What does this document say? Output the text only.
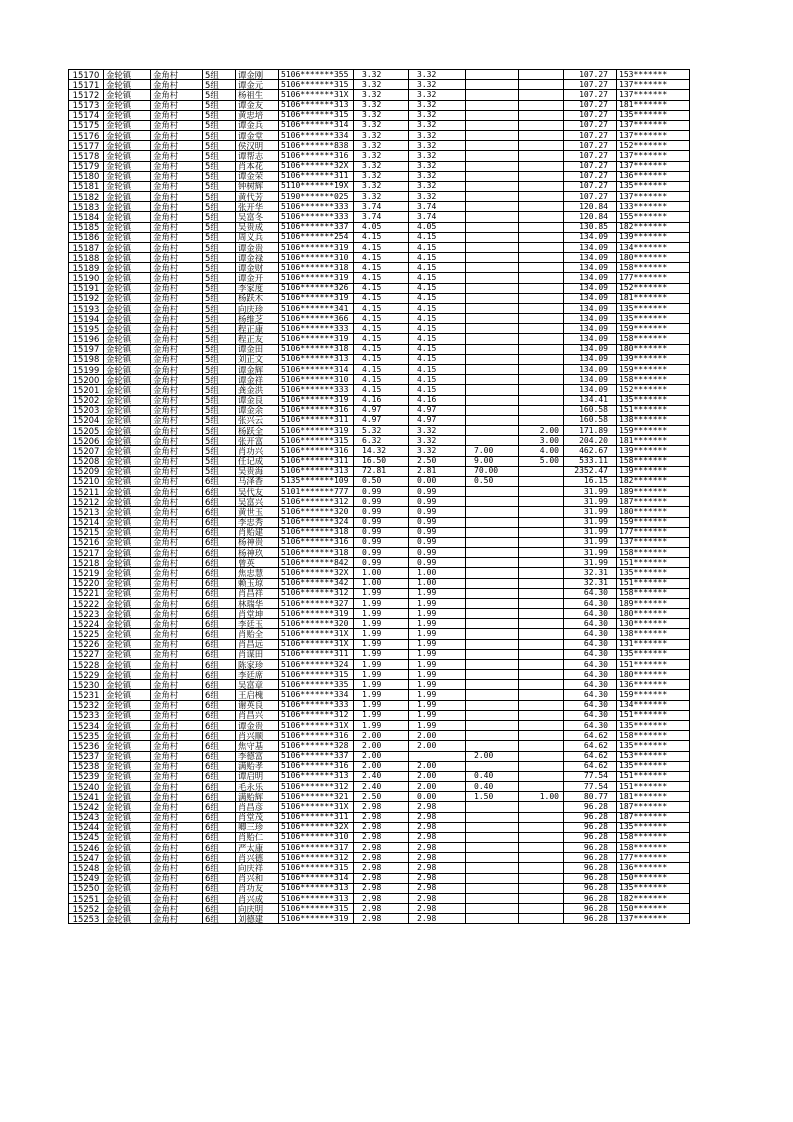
15170	金轮镇	金角村	5组	谭金刚	5106*******355	3.32	3.32			107.27	153*******
15171	金轮镇	金角村	5组	谭金元	5106*******315	3.32	3.32			107.27	137*******
15172	金轮镇	金角村	5组	杨祖生	5106*******31X	3.32	3.32			107.27	137*******
15173	金轮镇	金角村	5组	谭金友	5106*******313	3.32	3.32			107.27	181*******
15174	金轮镇	金角村	5组	黄忠培	5106*******315	3.32	3.32			107.27	135*******
15175	金轮镇	金角村	5组	谭金兵	5106*******314	3.32	3.32			107.27	137*******
15176	金轮镇	金角村	5组	谭金堂	5106*******334	3.32	3.32			107.27	137*******
15177	金轮镇	金角村	5组	侯汉明	5106*******838	3.32	3.32			107.27	152*******
15178	金轮镇	金角村	5组	谭帮志	5106*******316	3.32	3.32			107.27	137*******
15179	金轮镇	金角村	5组	肖本花	5106*******32X	3.32	3.32			107.27	137*******
15180	金轮镇	金角村	5组	谭金荣	5106*******311	3.32	3.32			107.27	136*******
15181	金轮镇	金角村	5组	钟树辉	5110*******19X	3.32	3.32			107.27	135*******
15182	金轮镇	金角村	5组	黄代芳	5190*******025	3.32	3.32			107.27	137*******
15183	金轮镇	金角村	5组	张开华	5106*******333	3.74	3.74			120.84	133*******
15184	金轮镇	金角村	5组	吴富冬	5106*******333	3.74	3.74			120.84	155*******
15185	金轮镇	金角村	5组	吴贵成	5106*******337	4.05	4.05			130.85	182*******
15186	金轮镇	金角村	5组	周义兵	5106*******254	4.15	4.15			134.09	139*******
15187	金轮镇	金角村	5组	谭金贵	5106*******319	4.15	4.15			134.09	134*******
15188	金轮镇	金角村	5组	谭金禄	5106*******310	4.15	4.15			134.09	180*******
15189	金轮镇	金角村	5组	谭金财	5106*******318	4.15	4.15			134.09	158*******
15190	金轮镇	金角村	5组	谭金开	5106*******319	4.15	4.15			134.09	177*******
15191	金轮镇	金角村	5组	李家度	5106*******326	4.15	4.15			134.09	152*******
15192	金轮镇	金角村	5组	杨跃木	5106*******319	4.15	4.15			134.09	181*******
15193	金轮镇	金角村	5组	向庆珍	5106*******341	4.15	4.15			134.09	135*******
15194	金轮镇	金角村	5组	杨维芝	5106*******366	4.15	4.15			134.09	135*******
15195	金轮镇	金角村	5组	程正康	5106*******333	4.15	4.15			134.09	159*******
15196	金轮镇	金角村	5组	程正友	5106*******319	4.15	4.15			134.09	158*******
15197	金轮镇	金角村	5组	谭金田	5106*******318	4.15	4.15			134.09	180*******
15198	金轮镇	金角村	5组	刘正文	5106*******313	4.15	4.15			134.09	139*******
15199	金轮镇	金角村	5组	谭金辉	5106*******314	4.15	4.15			134.09	159*******
15200	金轮镇	金角村	5组	谭金祥	5106*******310	4.15	4.15			134.09	158*******
15201	金轮镇	金角村	5组	龚金洪	5106*******333	4.15	4.15			134.09	152*******
15202	金轮镇	金角村	5组	谭金良	5106*******319	4.16	4.16			134.41	135*******
15203	金轮镇	金角村	5组	谭金余	5106*******316	4.97	4.97			160.58	151*******
15204	金轮镇	金角村	5组	张兴云	5106*******311	4.97	4.97			160.58	138*******
15205	金轮镇	金角村	5组	杨跃全	5106*******319	5.32	3.32		2.00	171.89	159*******
15206	金轮镇	金角村	5组	张开富	5106*******315	6.32	3.32		3.00	204.20	181*******
15207	金轮镇	金角村	5组	肖功兴	5106*******316	14.32	3.32	7.00	4.00	462.67	139*******
15208	金轮镇	金角村	5组	任记成	5106*******311	16.50	2.50	9.00	5.00	533.11	158*******
15209	金轮镇	金角村	5组	吴贵海	5106*******313	72.81	2.81	70.00		2352.47	139*******
15210	金轮镇	金角村	6组	马泽香	5135*******109	0.50	0.00	0.50		16.15	182*******
15211	金轮镇	金角村	6组	吴代友	5101*******777	0.99	0.99			31.99	189*******
15212	金轮镇	金角村	6组	吴富兴	5106*******312	0.99	0.99			31.99	187*******
15213	金轮镇	金角村	6组	黄世玉	5106*******320	0.99	0.99			31.99	180*******
15214	金轮镇	金角村	6组	李忠秀	5106*******324	0.99	0.99			31.99	159*******
15215	金轮镇	金角村	6组	肖贻建	5106*******318	0.99	0.99			31.99	177*******
15216	金轮镇	金角村	6组	杨神贵	5106*******316	0.99	0.99			31.99	137*******
15217	金轮镇	金角村	6组	杨神玖	5106*******318	0.99	0.99			31.99	158*******
15218	金轮镇	金角村	6组	曾英	5106*******842	0.99	0.99			31.99	151*******
15219	金轮镇	金角村	6组	焦忠慧	5106*******32X	1.00	1.00			32.31	135*******
15220	金轮镇	金角村	6组	赖玉琼	5106*******342	1.00	1.00			32.31	151*******
15221	金轮镇	金角村	6组	肖昌祥	5106*******312	1.99	1.99			64.30	158*******
15222	金轮镇	金角村	6组	林瑞华	5106*******327	1.99	1.99			64.30	189*******
15223	金轮镇	金角村	6组	肖堂坤	5106*******319	1.99	1.99			64.30	180*******
15224	金轮镇	金角村	6组	李廷玉	5106*******320	1.99	1.99			64.30	130*******
15225	金轮镇	金角村	6组	肖贻全	5106*******31X	1.99	1.99			64.30	138*******
15226	金轮镇	金角村	6组	肖昌远	5106*******31X	1.99	1.99			64.30	131*******
15227	金轮镇	金角村	6组	肖谋田	5106*******311	1.99	1.99			64.30	135*******
15228	金轮镇	金角村	6组	陈家珍	5106*******324	1.99	1.99			64.30	151*******
15229	金轮镇	金角村	6组	李廷席	5106*******315	1.99	1.99			64.30	180*******
15230	金轮镇	金角村	6组	吴富章	5106*******335	1.99	1.99			64.30	136*******
15231	金轮镇	金角村	6组	王启槐	5106*******334	1.99	1.99			64.30	159*******
15232	金轮镇	金角村	6组	谢英良	5106*******333	1.99	1.99			64.30	134*******
15233	金轮镇	金角村	6组	肖昌兴	5106*******312	1.99	1.99			64.30	151*******
15234	金轮镇	金角村	6组	谭金贵	5106*******31X	1.99	1.99			64.30	135*******
15235	金轮镇	金角村	6组	肖兴顺	5106*******316	2.00	2.00			64.62	158*******
15236	金轮镇	金角村	6组	焦守基	5106*******328	2.00	2.00			64.62	135*******
15237	金轮镇	金角村	6组	李德富	5106*******337	2.00		2.00		64.62	153*******
15238	金轮镇	金角村	6组	满贻孝	5106*******316	2.00	2.00			64.62	135*******
15239	金轮镇	金角村	6组	谭启明	5106*******313	2.40	2.00	0.40		77.54	151*******
15240	金轮镇	金角村	6组	毛永乐	5106*******312	2.40	2.00	0.40		77.54	151*******
15241	金轮镇	金角村	6组	满贻辉	5106*******321	2.50	0.00	1.50	1.00	80.77	181*******
15242	金轮镇	金角村	6组	肖昌彦	5106*******31X	2.98	2.98			96.28	187*******
15243	金轮镇	金角村	6组	肖堂茂	5106*******311	2.98	2.98			96.28	187*******
15244	金轮镇	金角村	6组	卿三珍	5106*******32X	2.98	2.98			96.28	135*******
15245	金轮镇	金角村	6组	肖贻仁	5106*******310	2.98	2.98			96.28	158*******
15246	金轮镇	金角村	6组	严太康	5106*******317	2.98	2.98			96.28	158*******
15247	金轮镇	金角村	6组	肖兴德	5106*******312	2.98	2.98			96.28	177*******
15248	金轮镇	金角村	6组	向庆祥	5106*******315	2.98	2.98			96.28	136*******
15249	金轮镇	金角村	6组	肖兴和	5106*******314	2.98	2.98			96.28	150*******
15250	金轮镇	金角村	6组	肖功友	5106*******313	2.98	2.98			96.28	135*******
15251	金轮镇	金角村	6组	肖兴成	5106*******313	2.98	2.98			96.28	182*******
15252	金轮镇	金角村	6组	向庆明	5106*******315	2.98	2.98			96.28	150*******
15253	金轮镇	金角村	6组	刘德建	5106*******319	2.98	2.98			96.28	137*******
